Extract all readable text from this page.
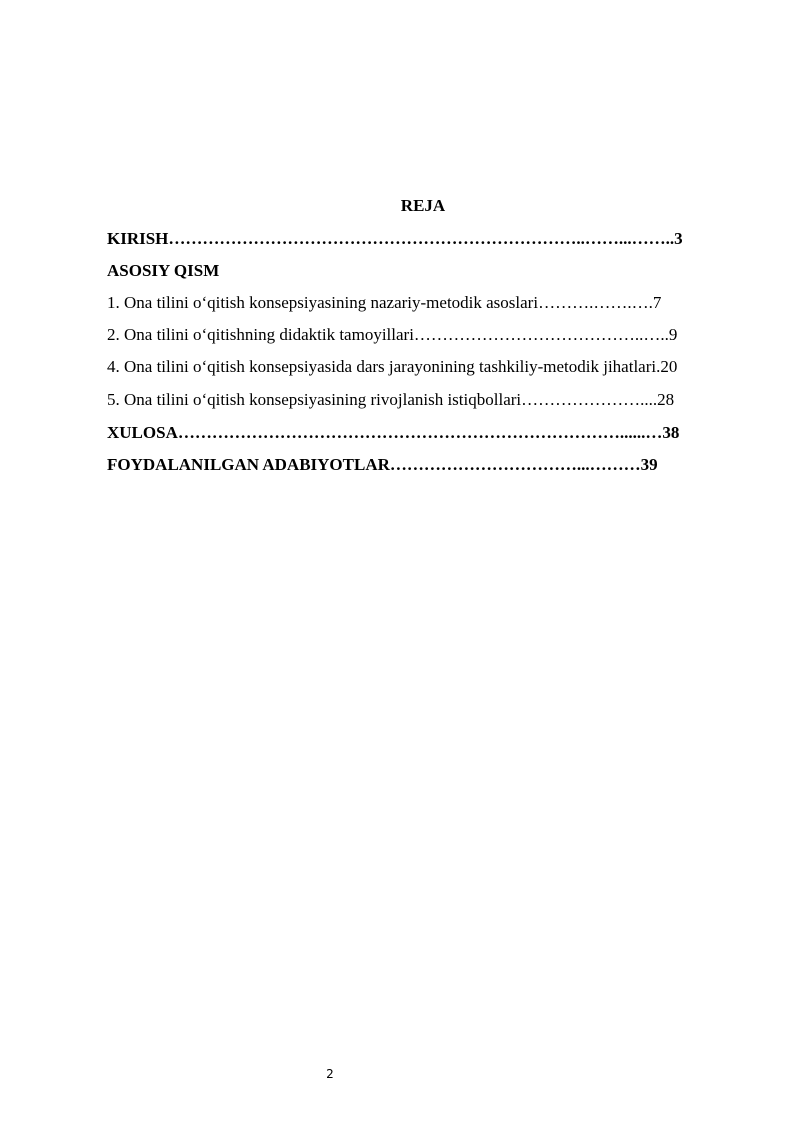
REJA
KIRISH………………………………………………………………..……...……..3
ASOSIY QISM
1. Ona tilini o‘qitish konsepsiyasining nazariy-metodik asoslari……….…….….7
2. Ona tilini o‘qitishning didaktik tamoyillari…………………………………..…..9
4. Ona tilini o‘qitish konsepsiyasida dars jarayonining tashkiliy-metodik jihatlari.20
5. Ona tilini o‘qitish konsepsiyasining rivojlanish istiqbollari…………………....28
XULOSA……………………………………………………………………......…38
FOYDALANILGAN ADABIYOTLAR……………………………...………39
2
